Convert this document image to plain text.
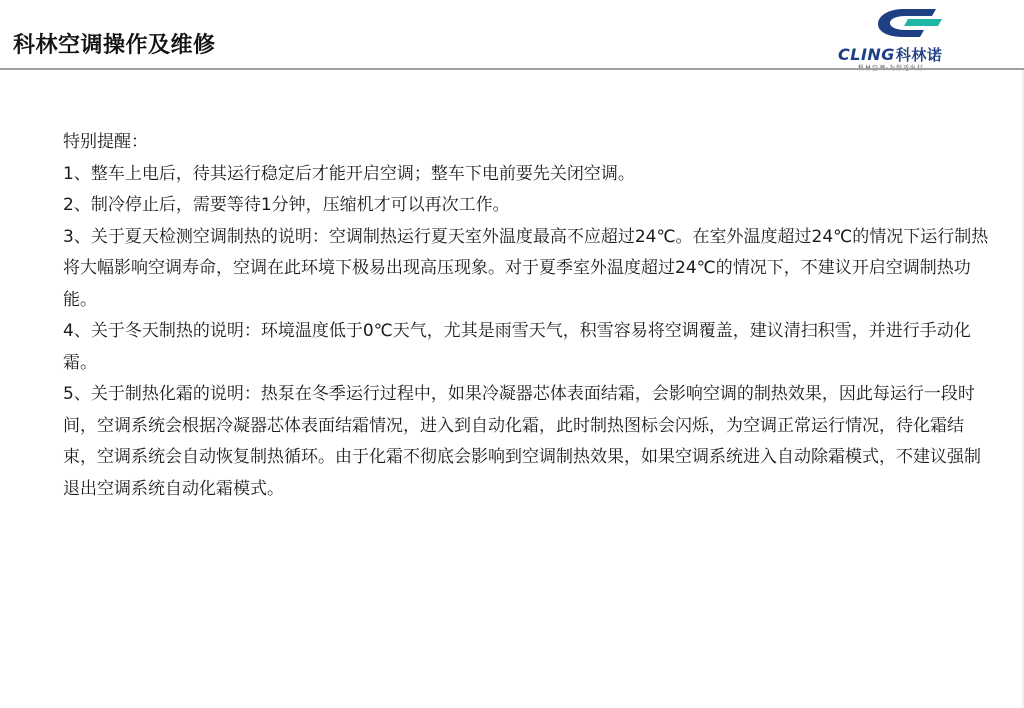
科林空调操作及维修	CLING科林诺

特别提醒：

1、整车上电后，待其运行稳定后才能开启空调；整车下电前要先关闭空调。

2、制冷停止后，需要等待1分钟，压缩机才可以再次工作。

3、关于夏天检测空调制热的说明：空调制热运行夏天室外温度最高不应超过24℃。在室外温度超过24℃的情况下运行制热将大幅影响空调寿命，空调在此环境下极易出现高压现象。对于夏季室外温度超过24℃的情况下，不建议开启空调制热功能。

4、关于冬天制热的说明：环境温度低于0℃天气，尤其是雨雪天气，积雪容易将空调覆盖，建议清扫积雪，并进行手动化霜。

5、关于制热化霜的说明：热泵在冬季运行过程中，如果冷凝器芯体表面结霜，会影响空调的制热效果，因此每运行一段时间，空调系统会根据冷凝器芯体表面结霜情况，进入到自动化霜，此时制热图标会闪烁，为空调正常运行情况，待化霜结束，空调系统会自动恢复制热循环。由于化霜不彻底会影响到空调制热效果，如果空调系统进入自动除霜模式，不建议强制退出空调系统自动化霜模式。
